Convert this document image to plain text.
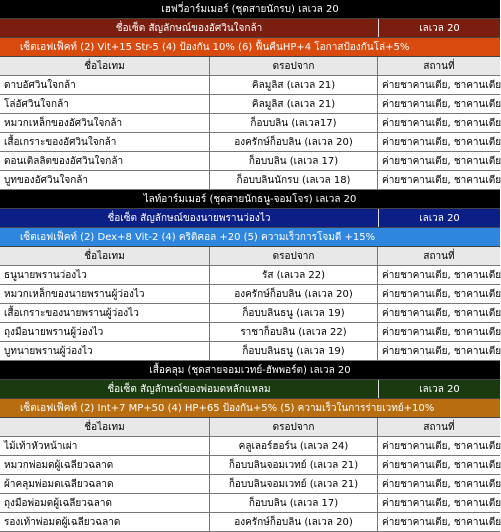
เฮฟวี่อาร์มเมอร์ (ชุดสายนักรบ) เลเวล 20
ชื่อเซ็ต สัญลักษณ์ของอัศวินใจกล้า	เลเวล 20
เซ็ตเอฟเฟ็คท์ (2) Vit+15 Str-5 (4) ป้องกัน 10% (6) ฟื้นคืนHP+4 โอกาสป้องกันโล่+5%
ชื่อไอเทม	ดรอปจาก	สถานที่
ดาบอัศวินใจกล้า	คิลมูลิส (เลเวล 21)	ค่ายชาคานเตีย, ชาคานเตีย
โล่อัศวินใจกล้า	คิลมูลิส (เลเวล 21)	ค่ายชาคานเตีย, ชาคานเตีย
หมวกเหล็กของอัศวินใจกล้า	ก็อบบลิน (เลเวล17)	ค่ายชาคานเตีย, ชาคานเตีย
เสื้อเกราะของอัศวินใจกล้า	องครักษ์ก็อบลิน (เลเวล 20)	ค่ายชาคานเตีย, ชาคานเตีย
ดอนเติลลิตของอัศวินใจกล้า	ก็อบบลิน (เลเวล 17)	ค่ายชาคานเตีย, ชาคานเตีย
บูทของอัศวินใจกล้า	ก็อบบลินนักรบ (เลเวล 18)	ค่ายชาคานเตีย, ชาคานเตีย
ไลท์อาร์มเมอร์ (ชุดสายนักธนู-จอมโจร) เลเวล 20
ชื่อเซ็ต สัญลักษณ์ของนายพรานว่องไว	เลเวล 20
เซ็ตเอฟเฟ็คท์ (2) Dex+8 Vit-2 (4) คริติคอล +20 (5) ความเร็วการโจมตี +15%
ชื่อไอเทม	ดรอปจาก	สถานที่
ธนูนายพรานว่องไว	รัส (เลเวล 22)	ค่ายชาคานเตีย, ชาคานเตีย
หมวกเหล็กของนายพรานผู้ว่องไว	องครักษ์ก็อบลิน (เลเวล 20)	ค่ายชาคานเตีย, ชาคานเตีย
เสื้อเกราะของนายพรานผู้ว่องไว	ก็อบบลินธนู (เลเวล 19)	ค่ายชาคานเตีย, ชาคานเตีย
ถุงมือนายพรานผู้ว่องไว	ราชาก็อบลิน (เลเวล 22)	ค่ายชาคานเตีย, ชาคานเตีย
บูทนายพรานผู้ว่องไว	ก็อบบลินธนู (เลเวล 19)	ค่ายชาคานเตีย, ชาคานเตีย
เสื้อคลุม (ชุดสายจอมเวทย์-ฮัพพอร์ต) เลเวล 20
ชื่อเซ็ต สัญลักษณ์ของพ่อมดหลักแหลม	เลเวล 20
เซ็ตเอฟเฟ็คท์ (2) Int+7 MP+50 (4) HP+65 ป้องกัน+5% (5) ความเร็วในการร่ายเวทย์+10%
ชื่อไอเทม	ดรอปจาก	สถานที่
ไม้เท้าหัวหน้าเผ่า	คลูเลอร์ฮอร์น (เลเวล 24)	ค่ายชาคานเตีย, ชาคานเตีย
หมวกพ่อมดผู้เฉลียวฉลาด	ก็อบบลินจอมเวทย์ (เลเวล 21)	ค่ายชาคานเตีย, ชาคานเตีย
ผ้าคลุมพ่อมดเฉลียวฉลาด	ก็อบบลินจอมเวทย์ (เลเวล 21)	ค่ายชาคานเตีย, ชาคานเตีย
ถุงมือพ่อมดผู้เฉลียวฉลาด	ก็อบบลิน (เลเวล 17)	ค่ายชาคานเตีย, ชาคานเตีย
รองเท้าพ่อมดผู้เฉลียวฉลาด	องครักษ์ก็อบลิน (เลเวล 20)	ค่ายชาคานเตีย, ชาคานเตีย
